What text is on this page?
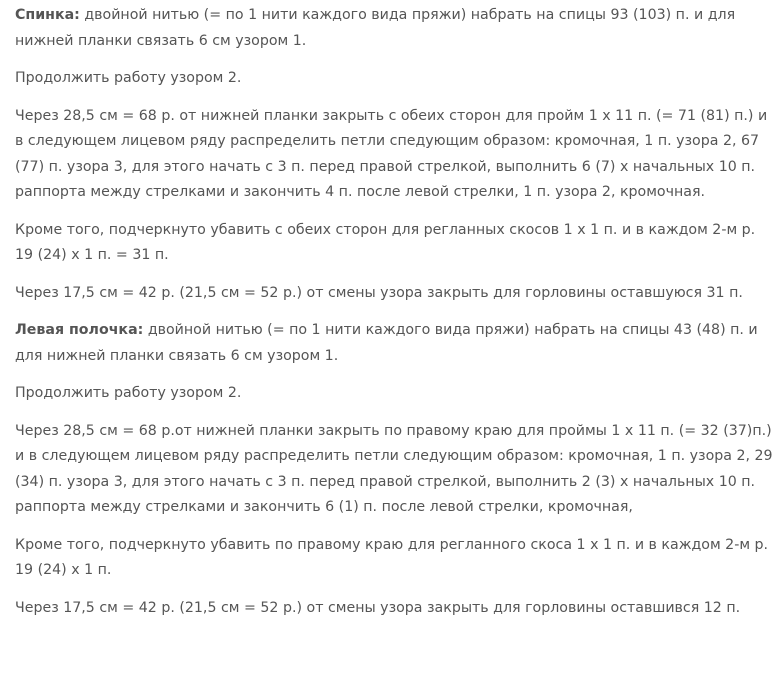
Спинка: двойной нитью (= по 1 нити каждого вида пряжи) набрать на спицы 93 (103) п. и для нижней планки связать 6 см узором 1.

Продолжить работу узором 2.

Через 28,5 см = 68 р. от нижней планки закрыть с обеих сторон для пройм 1 х 11 п. (= 71 (81) п.) и в следующем лицевом ряду распределить петли спедующим образом: кромочная, 1 п. узора 2, 67 (77) п. узора 3, для этого начать с 3 п. перед правой стрелкой, выполнить 6 (7) х начальных 10 п. раппорта между стрелками и закончить 4 п. после левой стрелки, 1 п. узора 2, кромочная.

Кроме того, подчеркнуто убавить с обеих сторон для регланных скосов 1 х 1 п. и в каждом 2-м р. 19 (24) х 1 п. = 31 п.

Через 17,5 см = 42 р. (21,5 см = 52 р.) от смены узора закрыть для горловины оставшуюся 31 п.

Левая полочка: двойной нитью (= по 1 нити каждого вида пряжи) набрать на спицы 43 (48) п. и для нижней планки связать 6 см узором 1.

Продолжить работу узором 2.

Через 28,5 см = 68 р.от нижней планки закрыть по правому краю для проймы 1 х 11 п. (= 32 (37)п.) и в следующем лицевом ряду распределить петли следующим образом: кромочная, 1 п. узора 2, 29 (34) п. узора 3, для этого начать с 3 п. перед правой стрелкой, выполнить 2 (3) х начальных 10 п. раппорта между стрелками и закончить 6 (1) п. после левой стрелки, кромочная,

Кроме того, подчеркнуто убавить по правому краю для регланного скоса 1 х 1 п. и в каждом 2-м р. 19 (24) х 1 п.

Через 17,5 см = 42 р. (21,5 см = 52 р.) от смены узора закрыть для горловины оставшився 12 п.
